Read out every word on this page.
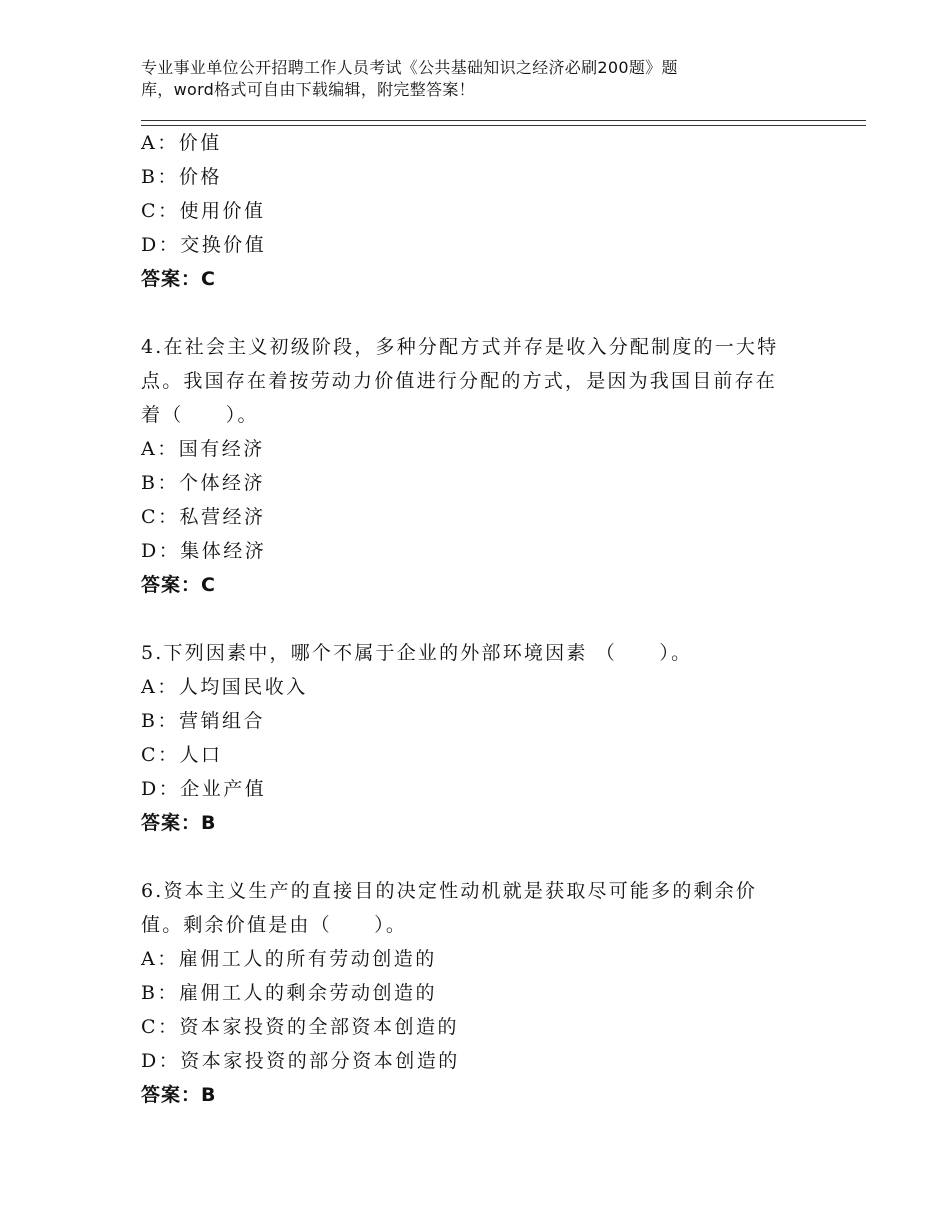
专业事业单位公开招聘工作人员考试《公共基础知识之经济必刷200题》题
库，word格式可自由下载编辑，附完整答案！
A：价值
B：价格
C：使用价值
D：交换价值
答案：C
4.在社会主义初级阶段，多种分配方式并存是收入分配制度的一大特
点。我国存在着按劳动力价值进行分配的方式，是因为我国目前存在
着（　　）。
A：国有经济
B：个体经济
C：私营经济
D：集体经济
答案：C
5.下列因素中，哪个不属于企业的外部环境因素 （　　）。
A：人均国民收入
B：营销组合
C：人口
D：企业产值
答案：B
6.资本主义生产的直接目的决定性动机就是获取尽可能多的剩余价
值。剩余价值是由（　　）。
A：雇佣工人的所有劳动创造的
B：雇佣工人的剩余劳动创造的
C：资本家投资的全部资本创造的
D：资本家投资的部分资本创造的
答案：B
